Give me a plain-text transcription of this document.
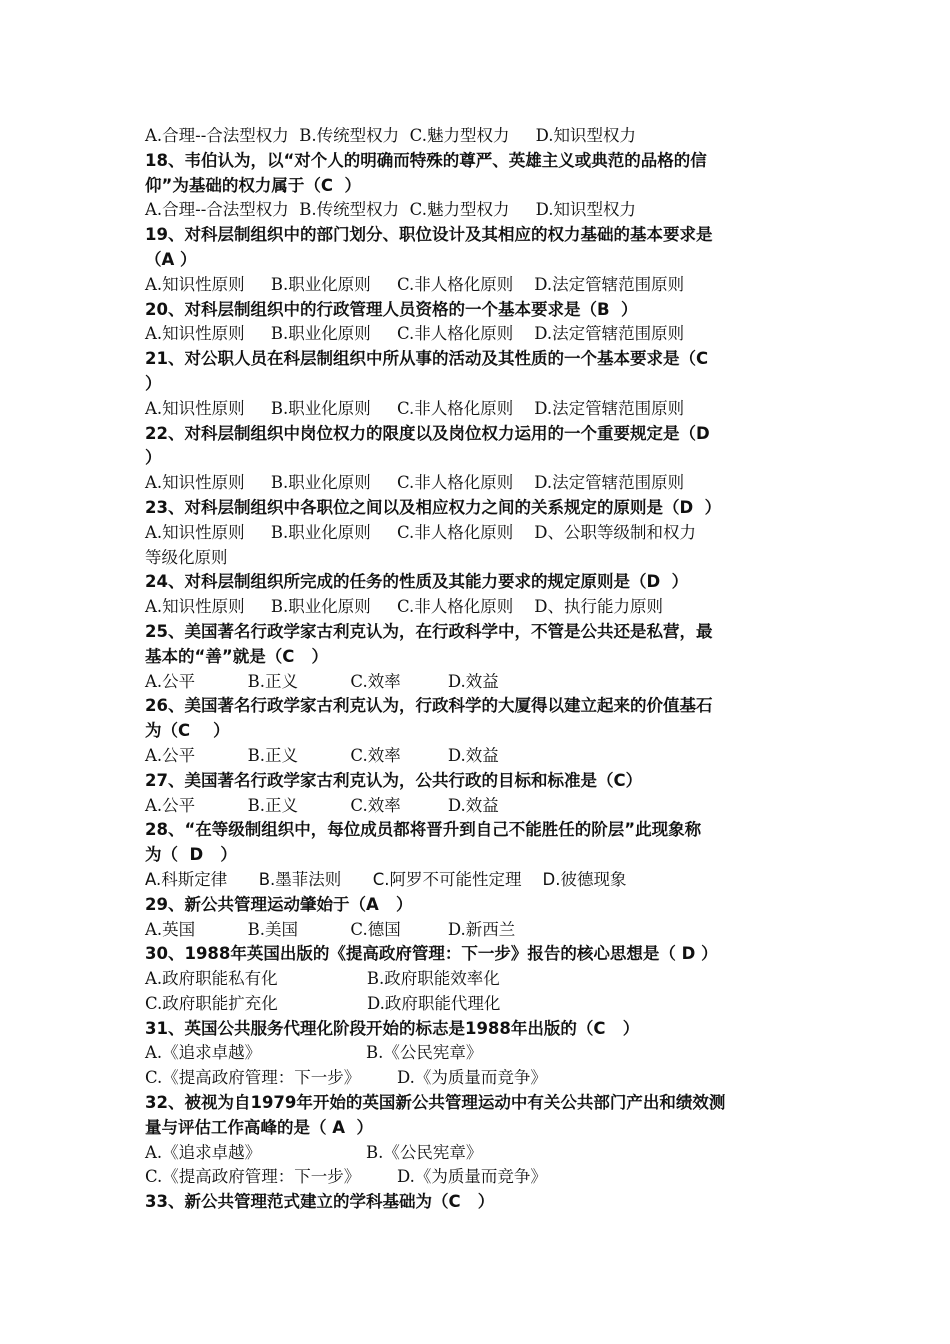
A.合理--合法型权力  B.传统型权力  C.魅力型权力     D.知识型权力
18、韦伯认为，以“对个人的明确而特殊的尊严、英雄主义或典范的品格的信
仰”为基础的权力属于（C  ）
A.合理--合法型权力  B.传统型权力  C.魅力型权力     D.知识型权力
19、对科层制组织中的部门划分、职位设计及其相应的权力基础的基本要求是
（A ）
A.知识性原则     B.职业化原则     C.非人格化原则    D.法定管辖范围原则
20、对科层制组织中的行政管理人员资格的一个基本要求是（B  ）
A.知识性原则     B.职业化原则     C.非人格化原则    D.法定管辖范围原则
21、对公职人员在科层制组织中所从事的活动及其性质的一个基本要求是（C
）
A.知识性原则     B.职业化原则     C.非人格化原则    D.法定管辖范围原则
22、对科层制组织中岗位权力的限度以及岗位权力运用的一个重要规定是（D
）
A.知识性原则     B.职业化原则     C.非人格化原则    D.法定管辖范围原则
23、对科层制组织中各职位之间以及相应权力之间的关系规定的原则是（D  ）
A.知识性原则     B.职业化原则     C.非人格化原则    D、公职等级制和权力
等级化原则
24、对科层制组织所完成的任务的性质及其能力要求的规定原则是（D  ）
A.知识性原则     B.职业化原则     C.非人格化原则    D、执行能力原则
25、美国著名行政学家古利克认为，在行政科学中，不管是公共还是私营，最
基本的“善”就是（C   ）
A.公平          B.正义          C.效率         D.效益
26、美国著名行政学家古利克认为，行政科学的大厦得以建立起来的价值基石
为（C    ）
A.公平          B.正义          C.效率         D.效益
27、美国著名行政学家古利克认为，公共行政的目标和标准是（C）
A.公平          B.正义          C.效率         D.效益
28、“在等级制组织中，每位成员都将晋升到自己不能胜任的阶层”此现象称
为（  D   ）
A.科斯定律      B.墨菲法则      C.阿罗不可能性定理    D.彼德现象
29、新公共管理运动肇始于（A   ）
A.英国          B.美国          C.德国         D.新西兰
30、1988年英国出版的《提高政府管理：下一步》报告的核心思想是（ D ）
A.政府职能私有化                 B.政府职能效率化
C.政府职能扩充化                 D.政府职能代理化
31、英国公共服务代理化阶段开始的标志是1988年出版的（C   ）
A.《追求卓越》                    B.《公民宪章》
C.《提高政府管理：下一步》       D.《为质量而竞争》
32、被视为自1979年开始的英国新公共管理运动中有关公共部门产出和绩效测
量与评估工作高峰的是（ A  ）
A.《追求卓越》                    B.《公民宪章》
C.《提高政府管理：下一步》       D.《为质量而竞争》
33、新公共管理范式建立的学科基础为（C   ）
